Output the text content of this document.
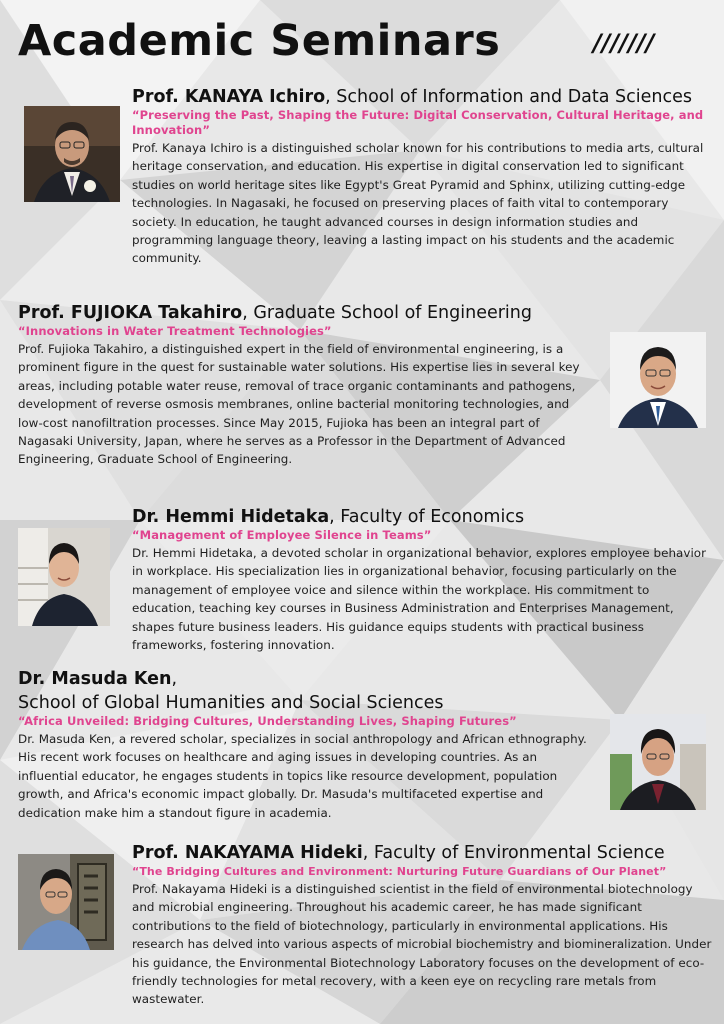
Academic Seminars	///////
Prof. KANAYA Ichiro, School of Information and Data Sciences
“Preserving the Past, Shaping the Future: Digital Conservation, Cultural Heritage, and Innovation”
Prof. Kanaya Ichiro is a distinguished scholar known for his contributions to media arts, cultural heritage conservation, and education. His expertise in digital conservation led to significant studies on world heritage sites like Egypt's Great Pyramid and Sphinx, utilizing cutting-edge technologies. In Nagasaki, he focused on preserving places of faith vital to contemporary society. In education, he taught advanced courses in design information studies and programming language theory, leaving a lasting impact on his students and the academic community.
Prof. FUJIOKA Takahiro, Graduate School of Engineering
“Innovations in Water Treatment Technologies”
Prof. Fujioka Takahiro, a distinguished expert in the field of environmental engineering, is a prominent figure in the quest for sustainable water solutions. His expertise lies in several key areas, including potable water reuse, removal of trace organic contaminants and pathogens, development of reverse osmosis membranes, online bacterial monitoring technologies, and low-cost nanofiltration processes. Since May 2015, Fujioka has been an integral part of Nagasaki University, Japan, where he serves as a Professor in the Department of Advanced Engineering, Graduate School of Engineering.
Dr. Hemmi Hidetaka, Faculty of Economics
“Management of Employee Silence in Teams”
Dr. Hemmi Hidetaka, a devoted scholar in organizational behavior, explores employee behavior in workplace. His specialization lies in organizational behavior, focusing particularly on the management of employee voice and silence within the workplace. His commitment to education, teaching key courses in Business Administration and Enterprises Management, shapes future business leaders. His guidance equips students with practical business frameworks, fostering innovation.
Dr. Masuda Ken,
School of Global Humanities and Social Sciences
“Africa Unveiled: Bridging Cultures, Understanding Lives, Shaping Futures”
Dr. Masuda Ken, a revered scholar, specializes in social anthropology and African ethnography. His recent work focuses on healthcare and aging issues in developing countries. As an influential educator, he engages students in topics like resource development, population growth, and Africa's economic impact globally. Dr. Masuda's multifaceted expertise and dedication make him a standout figure in academia.
Prof. NAKAYAMA Hideki, Faculty of Environmental Science
“The Bridging Cultures and Environment: Nurturing Future Guardians of Our Planet”
Prof. Nakayama Hideki is a distinguished scientist in the field of environmental biotechnology and microbial engineering. Throughout his academic career, he has made significant contributions to the field of biotechnology, particularly in environmental applications. His research has delved into various aspects of microbial biochemistry and biomineralization. Under his guidance, the Environmental Biotechnology Laboratory focuses on the development of eco-friendly technologies for metal recovery, with a keen eye on recycling rare metals from wastewater.
